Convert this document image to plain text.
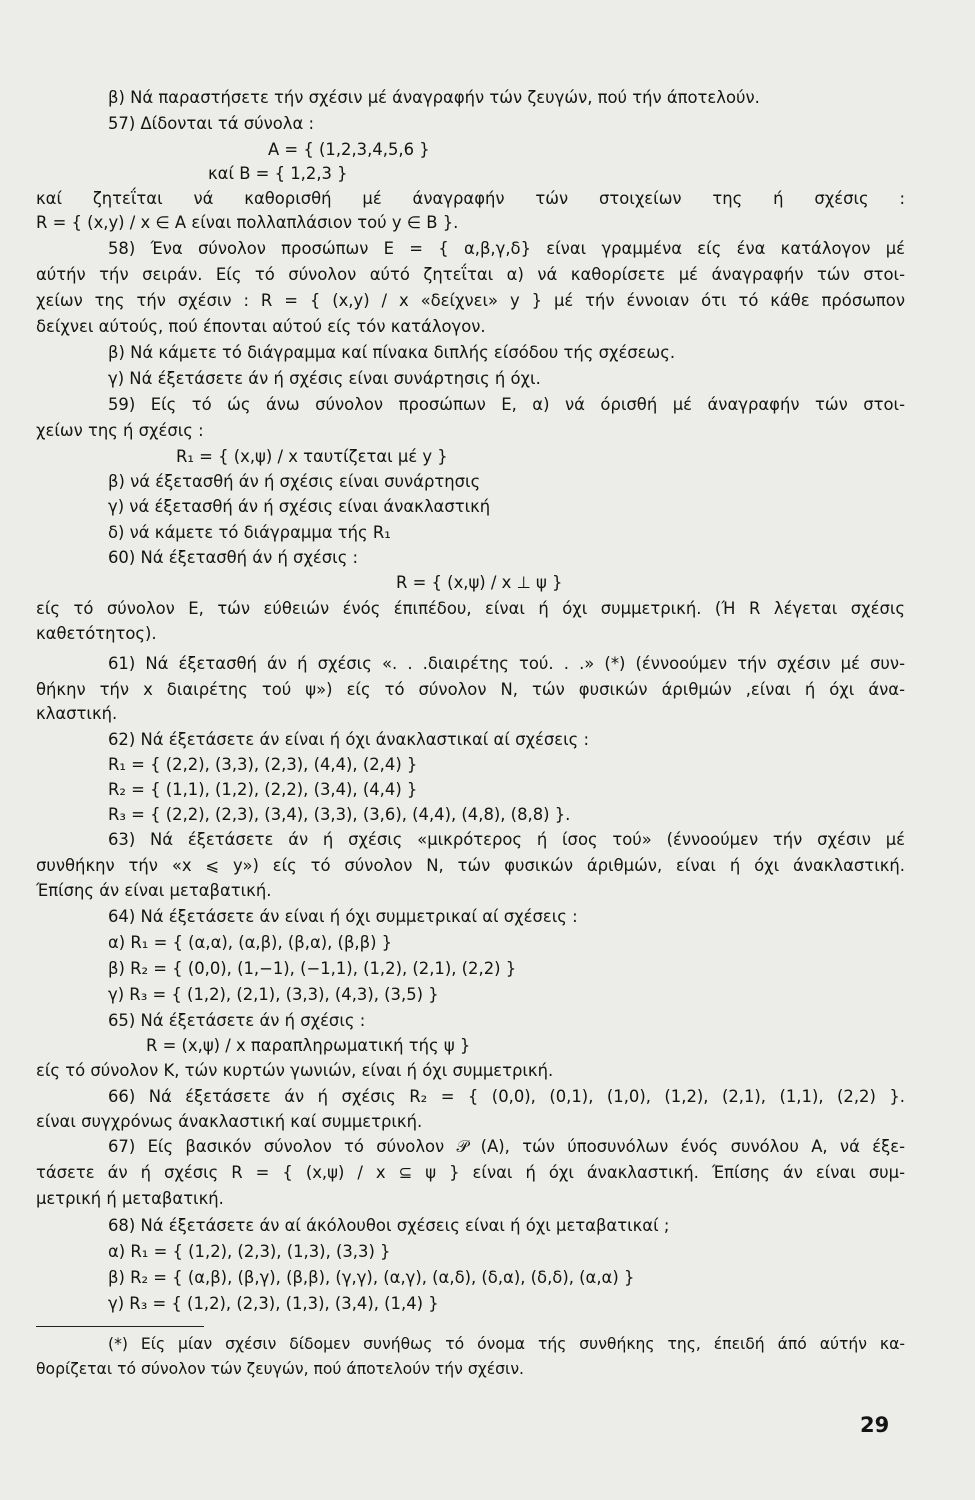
β) Νά παραστήσετε τήν σχέσιν μέ άναγραφήν τών ζευγών, πού τήν άποτελούν.

57) Δίδονται τά σύνολα :

A = { (1,2,3,4,5,6 }

καί B = { 1,2,3 }

καί ζητεΐται νά καθορισθή μέ άναγραφήν τών στοιχείων της ή σχέσις :

R = { (x,y) / x ∈ A είναι πολλαπλάσιον τού y ∈ B }.

58) Ένα σύνολον προσώπων E = { α,β,γ,δ} είναι γραμμένα είς ένα κατάλογον μέ

αύτήν τήν σειράν. Είς τό σύνολον αύτό ζητεΐται α) νά καθορίσετε μέ άναγραφήν τών στοι-

χείων της τήν σχέσιν : R = { (x,y) / x «δείχνει» y } μέ τήν έννοιαν ότι τό κάθε πρόσωπον

δείχνει αύτούς, πού έπονται αύτού είς τόν κατάλογον.

β) Νά κάμετε τό διάγραμμα καί πίνακα διπλής είσόδου τής σχέσεως.

γ) Νά έξετάσετε άν ή σχέσις είναι συνάρτησις ή όχι.

59) Είς τό ώς άνω σύνολον προσώπων E, α) νά όρισθή μέ άναγραφήν τών στοι-

χείων της ή σχέσις :

R₁ = { (x,ψ) / x ταυτίζεται μέ y }

β) νά έξετασθή άν ή σχέσις είναι συνάρτησις

γ) νά έξετασθή άν ή σχέσις είναι άνακλαστική

δ) νά κάμετε τό διάγραμμα τής R₁

60) Νά έξετασθή άν ή σχέσις :

R = { (x,ψ) / x ⊥ ψ }

είς τό σύνολον E, τών εύθειών ένός έπιπέδου, είναι ή όχι συμμετρική. (Ή R λέγεται σχέσις

καθετότητος).

61) Νά έξετασθή άν ή σχέσις «. . .διαιρέτης τού. . .» (*) (έννοούμεν τήν σχέσιν μέ συν-

θήκην τήν x διαιρέτης τού ψ») είς τό σύνολον N, τών φυσικών άριθμών ,είναι ή όχι άνα-

κλαστική.

62) Νά έξετάσετε άν είναι ή όχι άνακλαστικαί αί σχέσεις :

R₁ = { (2,2), (3,3), (2,3), (4,4), (2,4) }

R₂ = { (1,1), (1,2), (2,2), (3,4), (4,4) }

R₃ = { (2,2), (2,3), (3,4), (3,3), (3,6), (4,4), (4,8), (8,8) }.

63) Νά έξετάσετε άν ή σχέσις «μικρότερος ή ίσος τού» (έννοούμεν τήν σχέσιν μέ

συνθήκην τήν «x ⩽ y») είς τό σύνολον N, τών φυσικών άριθμών, είναι ή όχι άνακλαστική.

Έπίσης άν είναι μεταβατική.

64) Νά έξετάσετε άν είναι ή όχι συμμετρικαί αί σχέσεις :

α) R₁ = { (α,α), (α,β), (β,α), (β,β) }

β) R₂ = { (0,0), (1,−1), (−1,1), (1,2), (2,1), (2,2) }

γ) R₃ = { (1,2), (2,1), (3,3), (4,3), (3,5) }

65) Νά έξετάσετε άν ή σχέσις :

R = (x,ψ) / x παραπληρωματική τής ψ }

είς τό σύνολον K, τών κυρτών γωνιών, είναι ή όχι συμμετρική.

66) Νά έξετάσετε άν ή σχέσις R₂ = { (0,0), (0,1), (1,0), (1,2), (2,1), (1,1), (2,2) }.

είναι συγχρόνως άνακλαστική καί συμμετρική.

67) Είς βασικόν σύνολον τό σύνολον 𝒫 (A), τών ύποσυνόλων ένός συνόλου A, νά έξε-

τάσετε άν ή σχέσις R = { (x,ψ) / x ⊆ ψ } είναι ή όχι άνακλαστική. Έπίσης άν είναι συμ-

μετρική ή μεταβατική.

68) Νά έξετάσετε άν αί άκόλουθοι σχέσεις είναι ή όχι μεταβατικαί ;

α) R₁ = { (1,2), (2,3), (1,3), (3,3) }

β) R₂ = { (α,β), (β,γ), (β,β), (γ,γ), (α,γ), (α,δ), (δ,α), (δ,δ), (α,α) }

γ) R₃ = { (1,2), (2,3), (1,3), (3,4), (1,4) }

(*) Είς μίαν σχέσιν δίδομεν συνήθως τό όνομα τής συνθήκης της, έπειδή άπό αύτήν κα-

θορίζεται τό σύνολον τών ζευγών, πού άποτελούν τήν σχέσιν.

29
